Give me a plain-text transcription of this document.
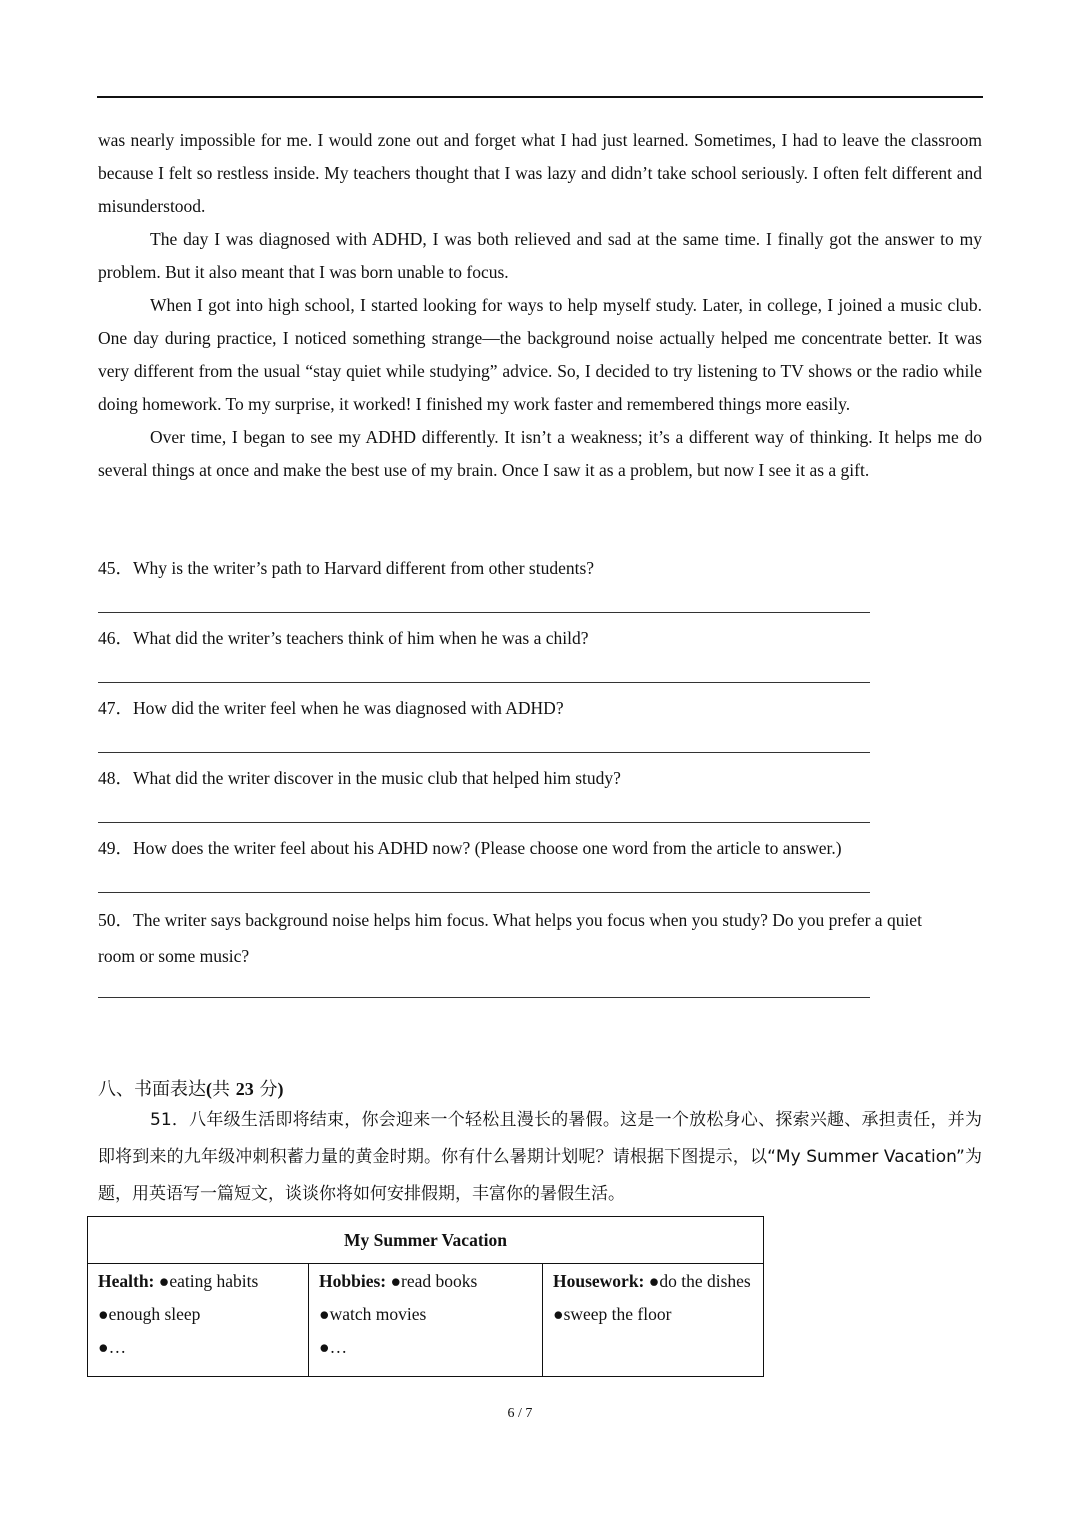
was nearly impossible for me. I would zone out and forget what I had just learned. Sometimes, I had to leave the classroom because I felt so restless inside. My teachers thought that I was lazy and didn’t take school seriously. I often felt different and misunderstood.

The day I was diagnosed with ADHD, I was both relieved and sad at the same time. I finally got the answer to my problem. But it also meant that I was born unable to focus.

When I got into high school, I started looking for ways to help myself study. Later, in college, I joined a music club. One day during practice, I noticed something strange—the background noise actually helped me concentrate better. It was very different from the usual “stay quiet while studying” advice. So, I decided to try listening to TV shows or the radio while doing homework. To my surprise, it worked! I finished my work faster and remembered things more easily.

Over time, I began to see my ADHD differently. It isn’t a weakness; it’s a different way of thinking. It helps me do several things at once and make the best use of my brain. Once I saw it as a problem, but now I see it as a gift.

45． Why is the writer’s path to Harvard different from other students?
46． What did the writer’s teachers think of him when he was a child?
47． How did the writer feel when he was diagnosed with ADHD?
48． What did the writer discover in the music club that helped him study?
49． How does the writer feel about his ADHD now? (Please choose one word from the article to answer.)
50．The writer says background noise helps him focus. What helps you focus when you study? Do you prefer a quiet room or some music?
八、书面表达(共 23 分)
51．八年级生活即将结束，你会迎来一个轻松且漫长的暑假。这是一个放松身心、探索兴趣、承担责任，并为即将到来的九年级冲刺积蓄力量的黄金时期。你有什么暑期计划呢？请根据下图提示，以“My Summer Vacation”为题，用英语写一篇短文，谈谈你将如何安排假期，丰富你的暑假生活。
My Summer Vacation

Health: ●eating habits
●enough sleep
●…

Hobbies: ●read books
●watch movies
●…

Housework: ●do the dishes
●sweep the floor
6 / 7
